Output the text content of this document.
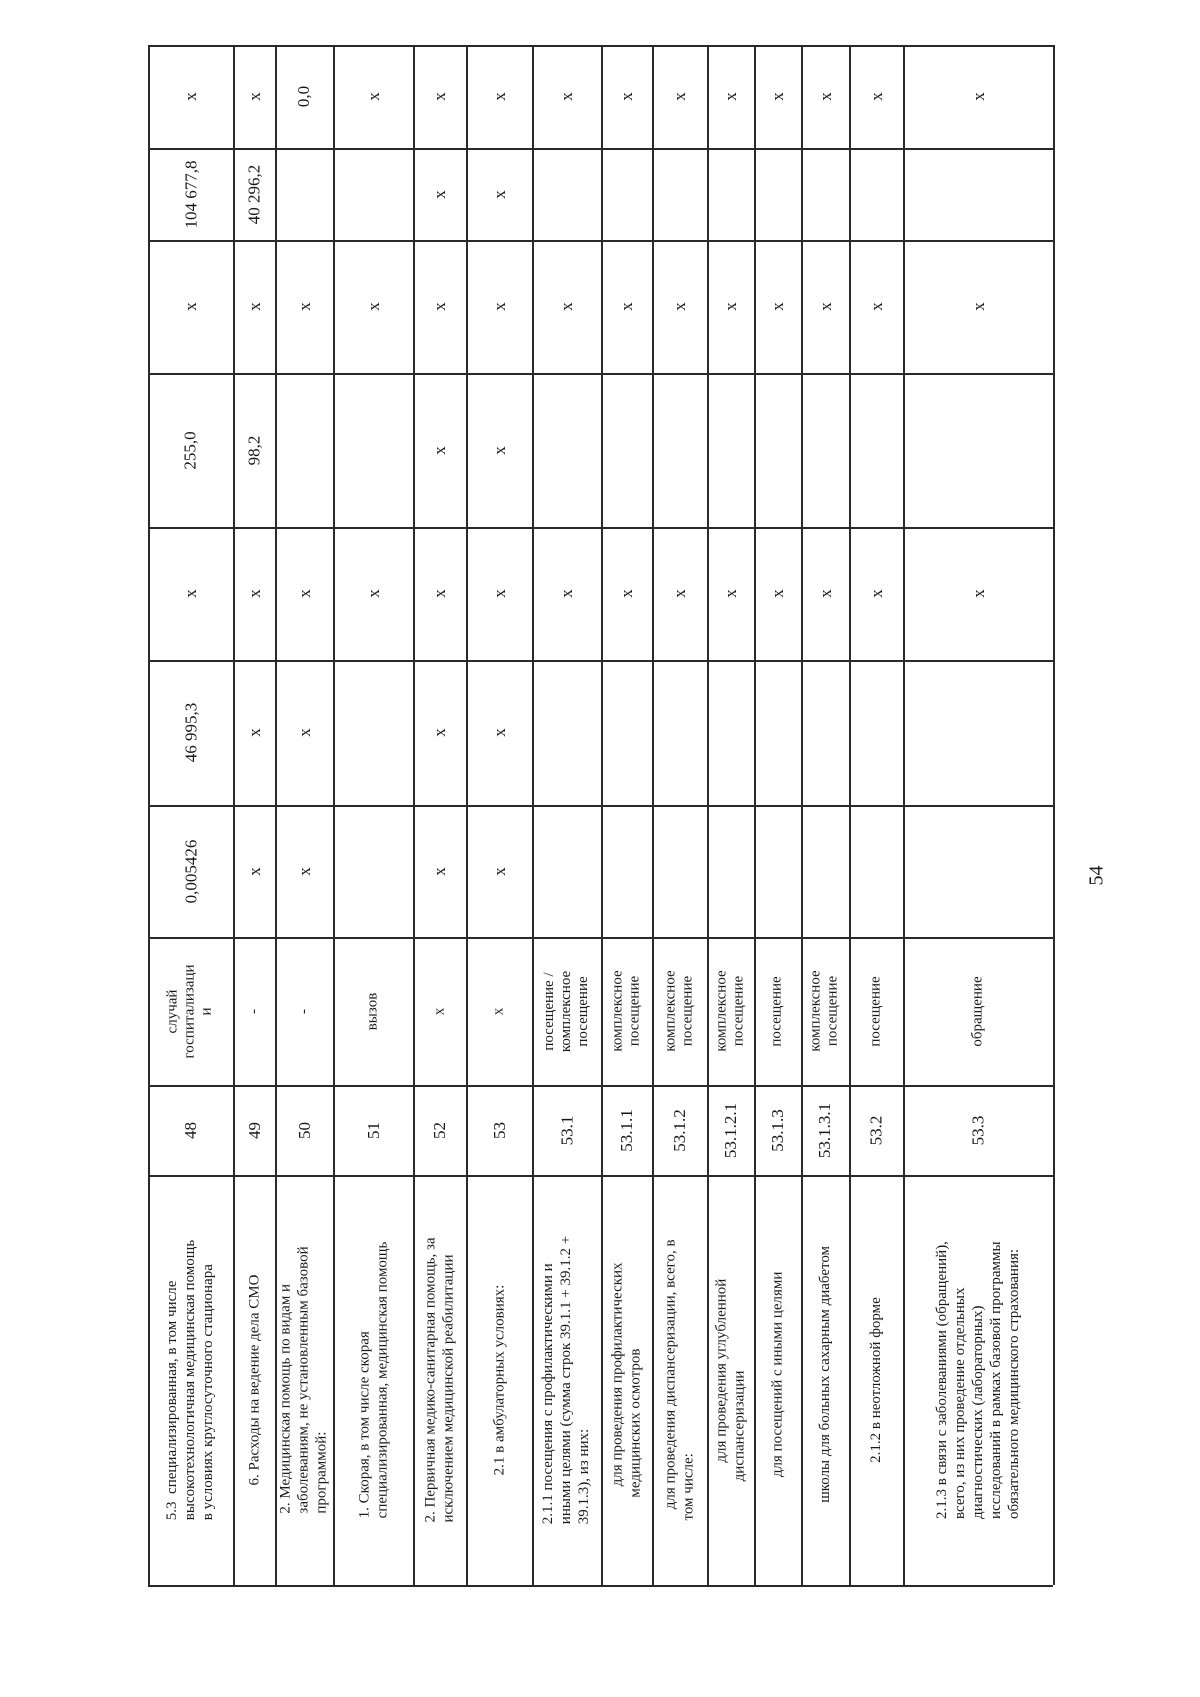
x
104 677,8
x
255,0
x
46 995,3
0,005426
случай
госпитализаци
и
48
5.3  специализированная, в том числе
высокотехнологичная медицинская помощь
в условиях круглосуточного стационара
x
40 296,2
x
98,2
x
x
x
-
49
6. Расходы на ведение дела СМО
0,0
x
x
x
x
-
50
2. Медицинская помощь по видам и
заболеваниям, не установленным базовой
программой:
x
x
x
вызов
51
1. Скорая, в том числе скорая
специализированная, медицинская помощь
x
x
x
x
x
x
x
x
52
2. Первичная медико-санитарная помощь, за
исключением медицинской реабилитации
x
x
x
x
x
x
x
x
53
2.1 в амбулаторных условиях:
x
x
x
посещение /
комплексное
посещение
53.1
2.1.1 посещения с профилактическими и
иными целями (сумма строк 39.1.1 + 39.1.2 +
39.1.3), из них:
x
x
x
комплексное
посещение
53.1.1
для проведения профилактических
медицинских осмотров
x
x
x
комплексное
посещение
53.1.2
для проведения диспансеризации, всего, в
том числе:
x
x
x
комплексное
посещение
53.1.2.1
для проведения углубленной
диспансеризации
x
x
x
посещение
53.1.3
для посещений с иными целями
x
x
x
комплексное
посещение
53.1.3.1
школы для больных сахарным диабетом
x
x
x
посещение
53.2
2.1.2 в неотложной форме
x
x
x
обращение
53.3
2.1.3 в связи с заболеваниями (обращений),
всего, из них проведение отдельных
диагностических (лабораторных)
исследований в рамках базовой программы
обязательного медицинского страхования:
54
